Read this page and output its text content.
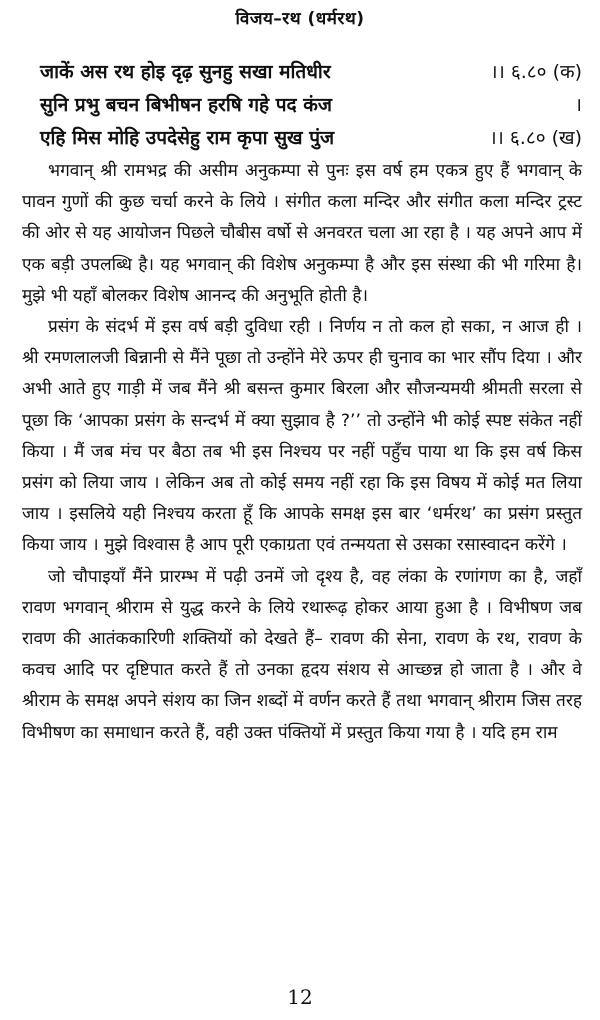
विजय–रथ (धर्मरथ)
जाकें अस रथ होइ दृढ़ सुनहु सखा मतिधीर	।। ६.८० (क)
सुनि प्रभु बचन बिभीषन हरषि गहे पद कंज	।
एहि मिस मोहि उपदेसेहु राम कृपा सुख पुंज	।। ६.८० (ख)

भगवान् श्री रामभद्र की असीम अनुकम्पा से पुनः इस वर्ष हम एकत्र हुए हैं भगवान् के पावन गुणों की कुछ चर्चा करने के लिये । संगीत कला मन्दिर और संगीत कला मन्दिर ट्रस्ट की ओर से यह आयोजन पिछले चौबीस वर्षो से अनवरत चला आ रहा है । यह अपने आप में एक बड़ी उपलब्धि है। यह भगवान् की विशेष अनुकम्पा है और इस संस्था की भी गरिमा है। मुझे भी यहाँ बोलकर विशेष आनन्द की अनुभूति होती है।

प्रसंग के संदर्भ में इस वर्ष बड़ी दुविधा रही । निर्णय न तो कल हो सका, न आज ही । श्री रमणलालजी बिन्नानी से मैंने पूछा तो उन्होंने मेरे ऊपर ही चुनाव का भार सौंप दिया । और अभी आते हुए गाड़ी में जब मैंने श्री बसन्त कुमार बिरला और सौजन्यमयी श्रीमती सरला से पूछा कि ‘आपका प्रसंग के सन्दर्भ में क्या सुझाव है ?’’ तो उन्होंने भी कोई स्पष्ट संकेत नहीं किया । मैं जब मंच पर बैठा तब भी इस निश्चय पर नहीं पहुँच पाया था कि इस वर्ष किस प्रसंग को लिया जाय । लेकिन अब तो कोई समय नहीं रहा कि इस विषय में कोई मत लिया जाय । इसलिये यही निश्चय करता हूँ कि आपके समक्ष इस बार ‘धर्मरथ’ का प्रसंग प्रस्तुत किया जाय । मुझे विश्वास है आप पूरी एकाग्रता एवं तन्मयता से उसका रसास्वादन करेंगे ।

जो चौपाइयाँ मैंने प्रारम्भ में पढ़ी उनमें जो दृश्य है, वह लंका के रणांगण का है, जहाँ रावण भगवान् श्रीराम से युद्ध करने के लिये रथारूढ़ होकर आया हुआ है । विभीषण जब रावण की आतंककारिणी शक्तियों को देखते हैं– रावण की सेना, रावण के रथ, रावण के कवच आदि पर दृष्टिपात करते हैं तो उनका हृदय संशय से आच्छन्न हो जाता है । और वे श्रीराम के समक्ष अपने संशय का जिन शब्दों में वर्णन करते हैं तथा भगवान् श्रीराम जिस तरह विभीषण का समाधान करते हैं, वही उक्त पंक्तियों में प्रस्तुत किया गया है । यदि हम राम

12
